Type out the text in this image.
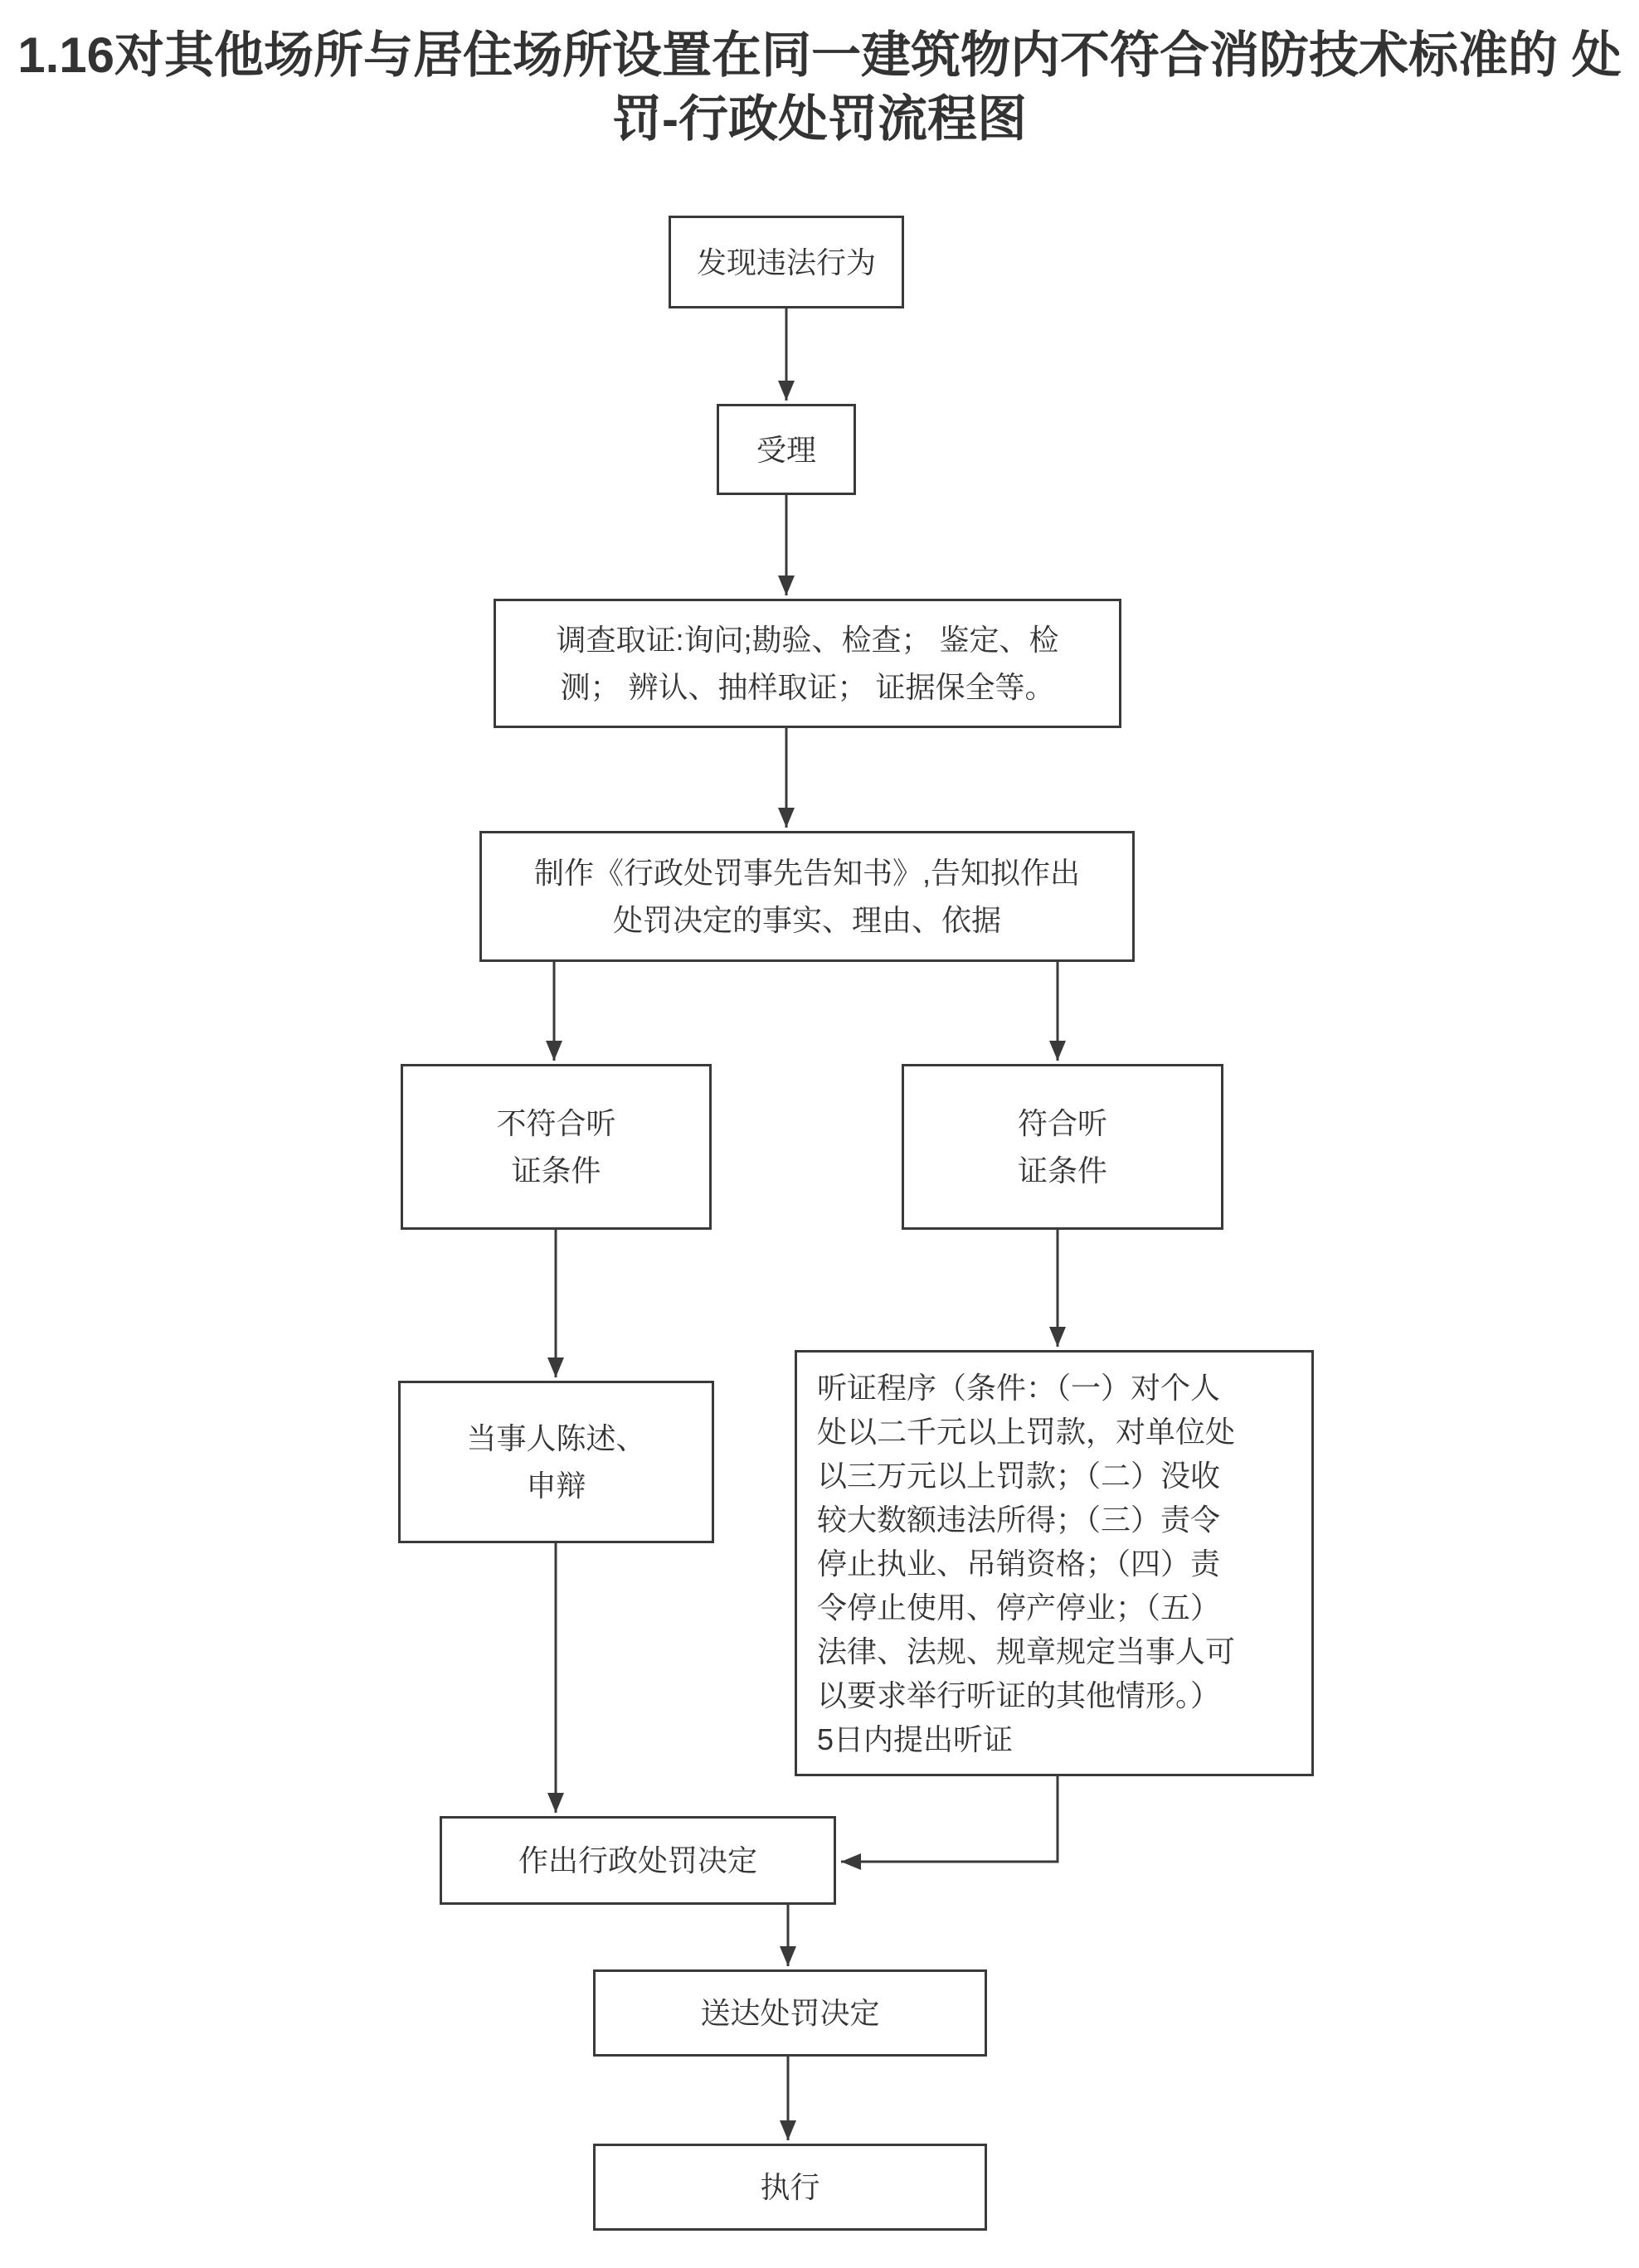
1.16对其他场所与居住场所设置在同一建筑物内不符合消防技术标准的 处罚-行政处罚流程图
发现违法行为
受理
调查取证:询问;勘验、检查； 鉴定、检
测； 辨认、抽样取证； 证据保全等。
制作《行政处罚事先告知书》,告知拟作出
处罚决定的事实、理由、依据
不符合听
证条件
符合听
证条件
当事人陈述、
申辩
听证程序（条件：（一）对个人
处以二千元以上罚款，对单位处
以三万元以上罚款；（二）没收
较大数额违法所得；（三）责令
停止执业、吊销资格；（四）责
令停止使用、停产停业；（五）
法律、法规、规章规定当事人可
以要求举行听证的其他情形。）
5日内提出听证
作出行政处罚决定
送达处罚决定
执行
